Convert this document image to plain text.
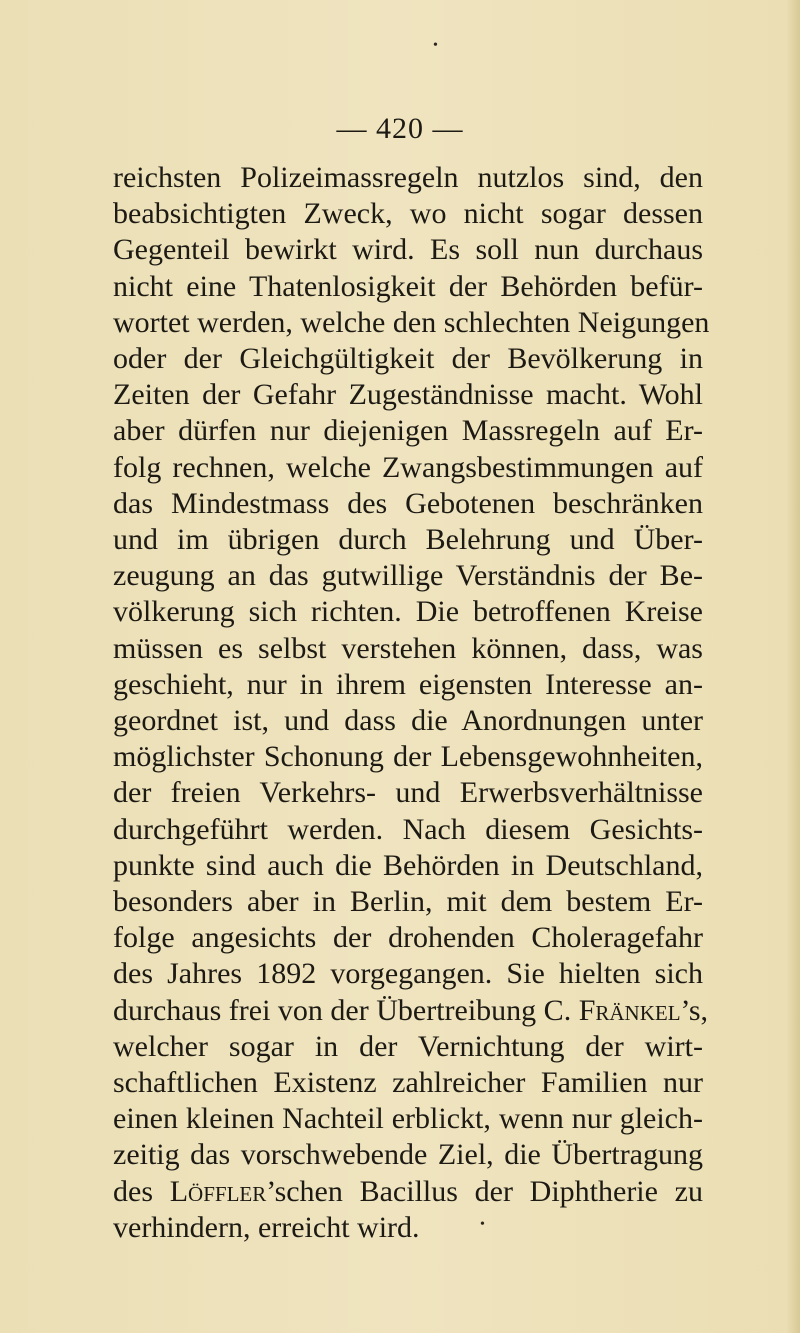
— 420 —
reichsten Polizeimassregeln nutzlos sind, den
beabsichtigten Zweck, wo nicht sogar dessen
Gegenteil bewirkt wird. Es soll nun durchaus
nicht eine Thatenlosigkeit der Behörden befür-
wortet werden, welche den schlechten Neigungen
oder der Gleichgültigkeit der Bevölkerung in
Zeiten der Gefahr Zugeständnisse macht. Wohl
aber dürfen nur diejenigen Massregeln auf Er-
folg rechnen, welche Zwangsbestimmungen auf
das Mindestmass des Gebotenen beschränken
und im übrigen durch Belehrung und Über-
zeugung an das gutwillige Verständnis der Be-
völkerung sich richten. Die betroffenen Kreise
müssen es selbst verstehen können, dass, was
geschieht, nur in ihrem eigensten Interesse an-
geordnet ist, und dass die Anordnungen unter
möglichster Schonung der Lebensgewohnheiten,
der freien Verkehrs- und Erwerbsverhältnisse
durchgeführt werden. Nach diesem Gesichts-
punkte sind auch die Behörden in Deutschland,
besonders aber in Berlin, mit dem bestem Er-
folge angesichts der drohenden Choleragefahr
des Jahres 1892 vorgegangen. Sie hielten sich
durchaus frei von der Übertreibung C. Fränkel’s,
welcher sogar in der Vernichtung der wirt-
schaftlichen Existenz zahlreicher Familien nur
einen kleinen Nachteil erblickt, wenn nur gleich-
zeitig das vorschwebende Ziel, die Übertragung
des Löffler’schen Bacillus der Diphtherie zu
verhindern, erreicht wird.
•
•
